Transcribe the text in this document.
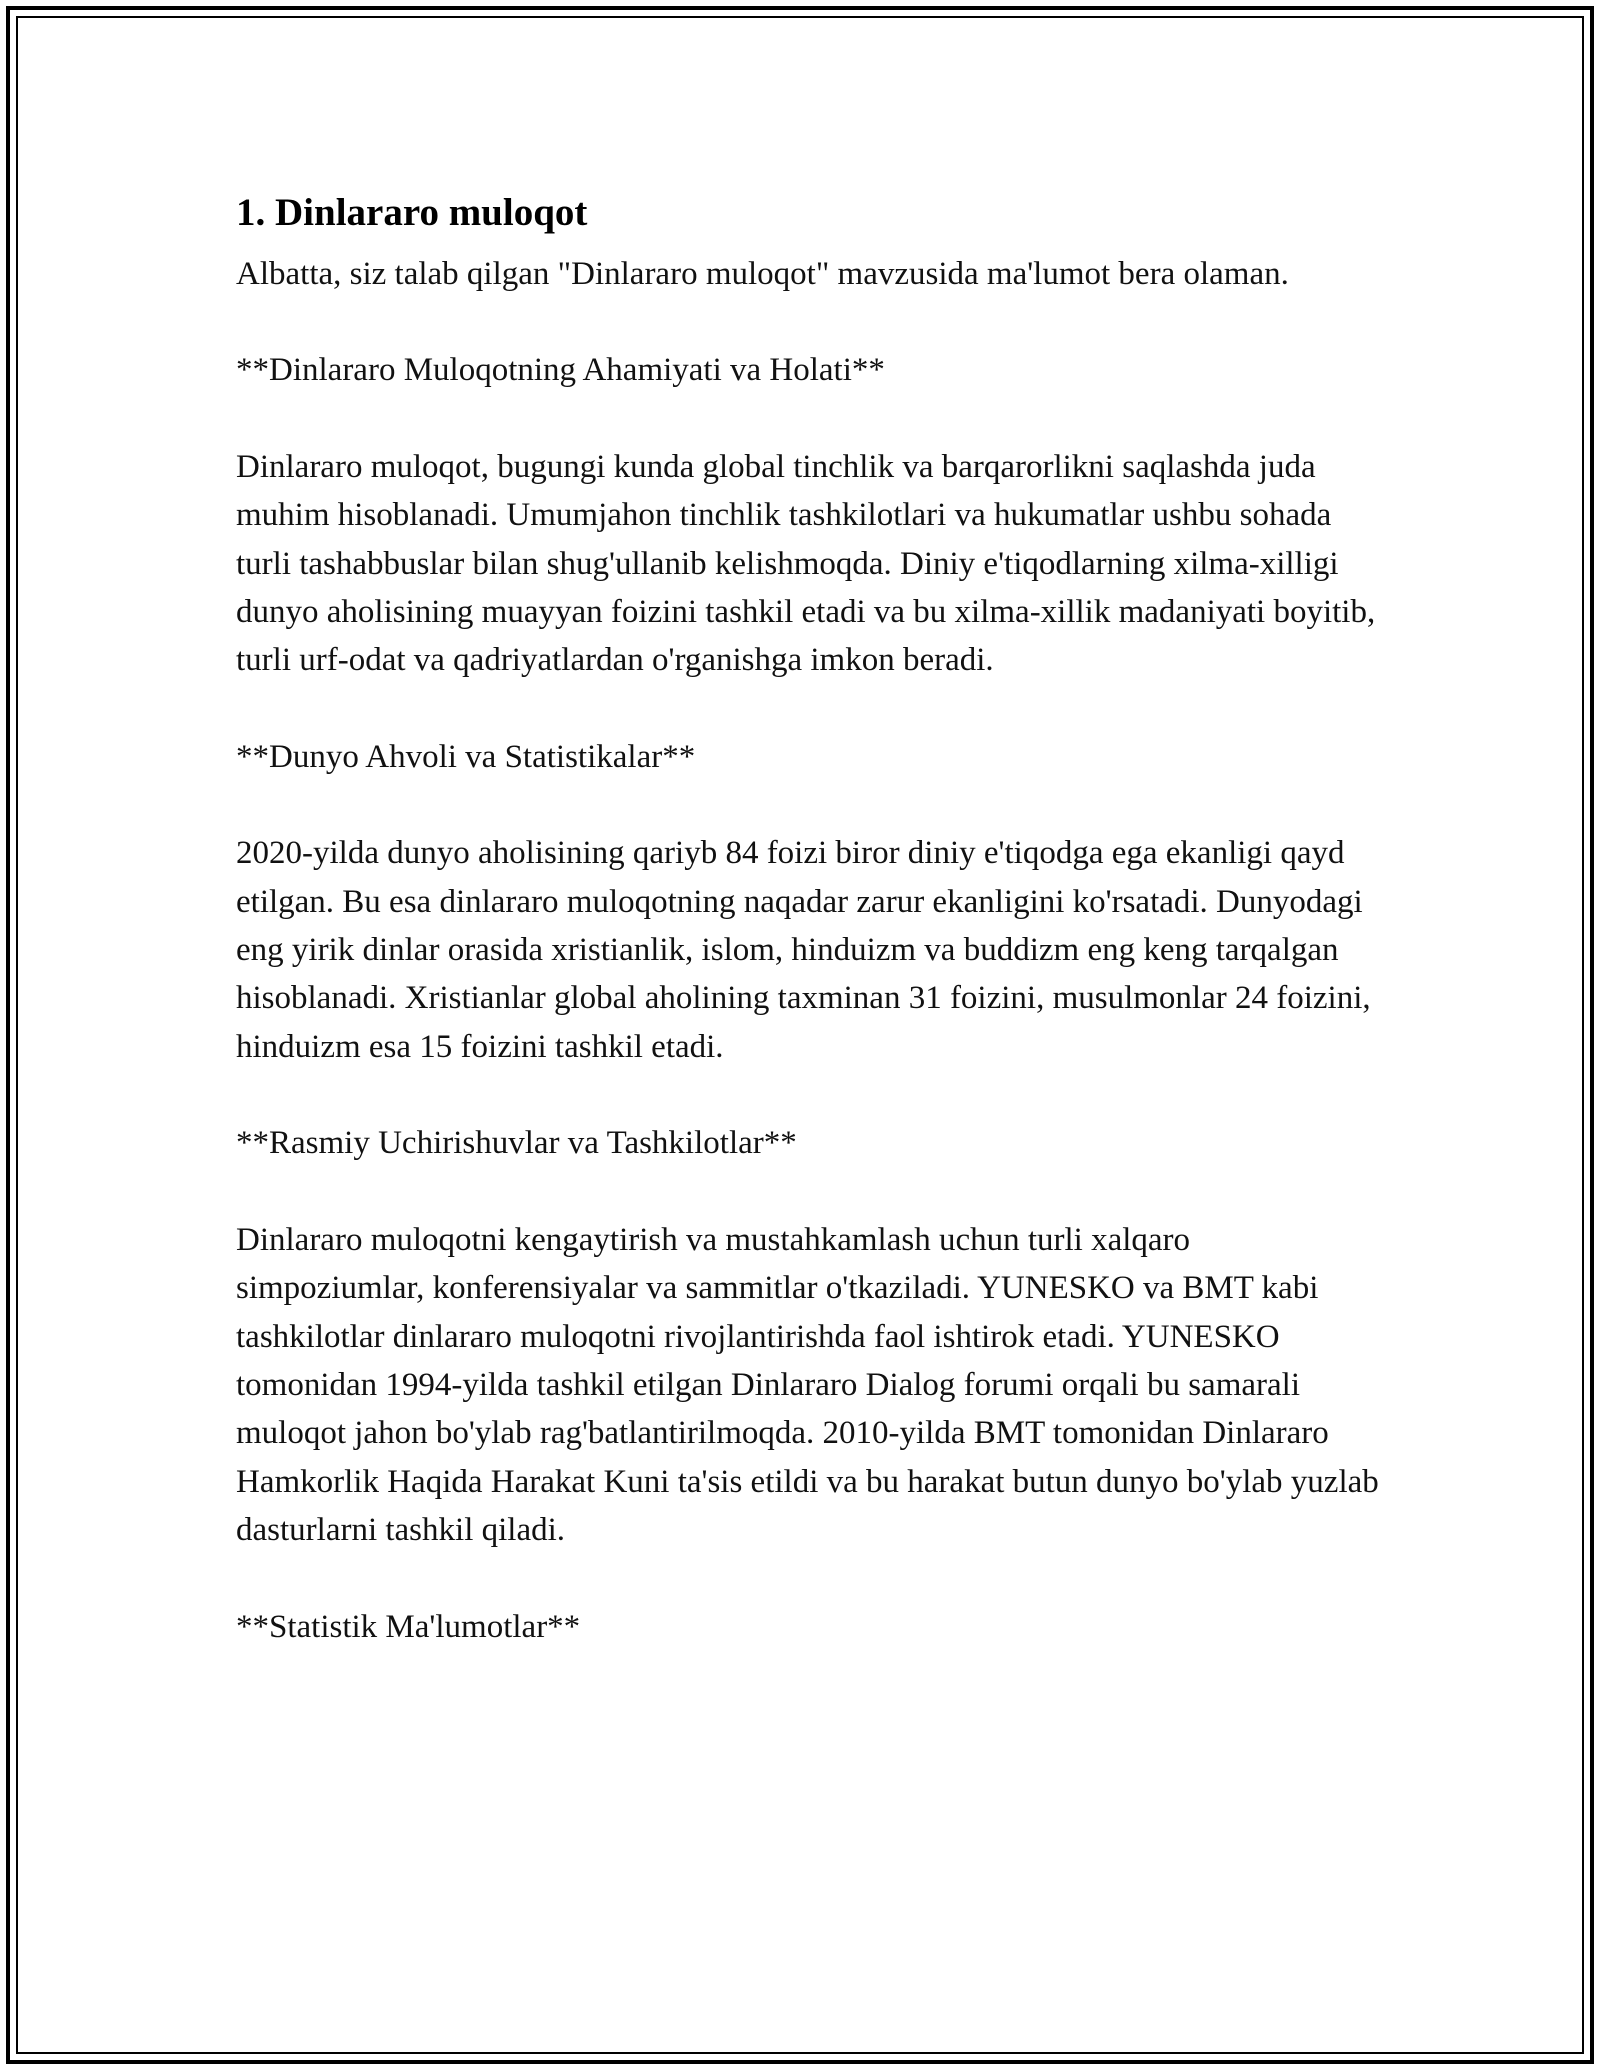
1. Dinlararo muloqot

Albatta, siz talab qilgan "Dinlararo muloqot" mavzusida ma'lumot bera olaman.

**Dinlararo Muloqotning Ahamiyati va Holati**

Dinlararo muloqot, bugungi kunda global tinchlik va barqarorlikni saqlashda juda muhim hisoblanadi. Umumjahon tinchlik tashkilotlari va hukumatlar ushbu sohada turli tashabbuslar bilan shug'ullanib kelishmoqda. Diniy e'tiqodlarning xilma-xilligi dunyo aholisining muayyan foizini tashkil etadi va bu xilma-xillik madaniyati boyitib, turli urf-odat va qadriyatlardan o'rganishga imkon beradi.

**Dunyo Ahvoli va Statistikalar**

2020-yilda dunyo aholisining qariyb 84 foizi biror diniy e'tiqodga ega ekanligi qayd etilgan. Bu esa dinlararo muloqotning naqadar zarur ekanligini ko'rsatadi. Dunyodagi eng yirik dinlar orasida xristianlik, islom, hinduizm va buddizm eng keng tarqalgan hisoblanadi. Xristianlar global aholining taxminan 31 foizini, musulmonlar 24 foizini, hinduizm esa 15 foizini tashkil etadi.

**Rasmiy Uchirishuvlar va Tashkilotlar**

Dinlararo muloqotni kengaytirish va mustahkamlash uchun turli xalqaro simpoziumlar, konferensiyalar va sammitlar o'tkaziladi. YUNESKO va BMT kabi tashkilotlar dinlararo muloqotni rivojlantirishda faol ishtirok etadi. YUNESKO tomonidan 1994-yilda tashkil etilgan Dinlararo Dialog forumi orqali bu samarali muloqot jahon bo'ylab rag'batlantirilmoqda. 2010-yilda BMT tomonidan Dinlararo Hamkorlik Haqida Harakat Kuni ta'sis etildi va bu harakat butun dunyo bo'ylab yuzlab dasturlarni tashkil qiladi.

**Statistik Ma'lumotlar**
